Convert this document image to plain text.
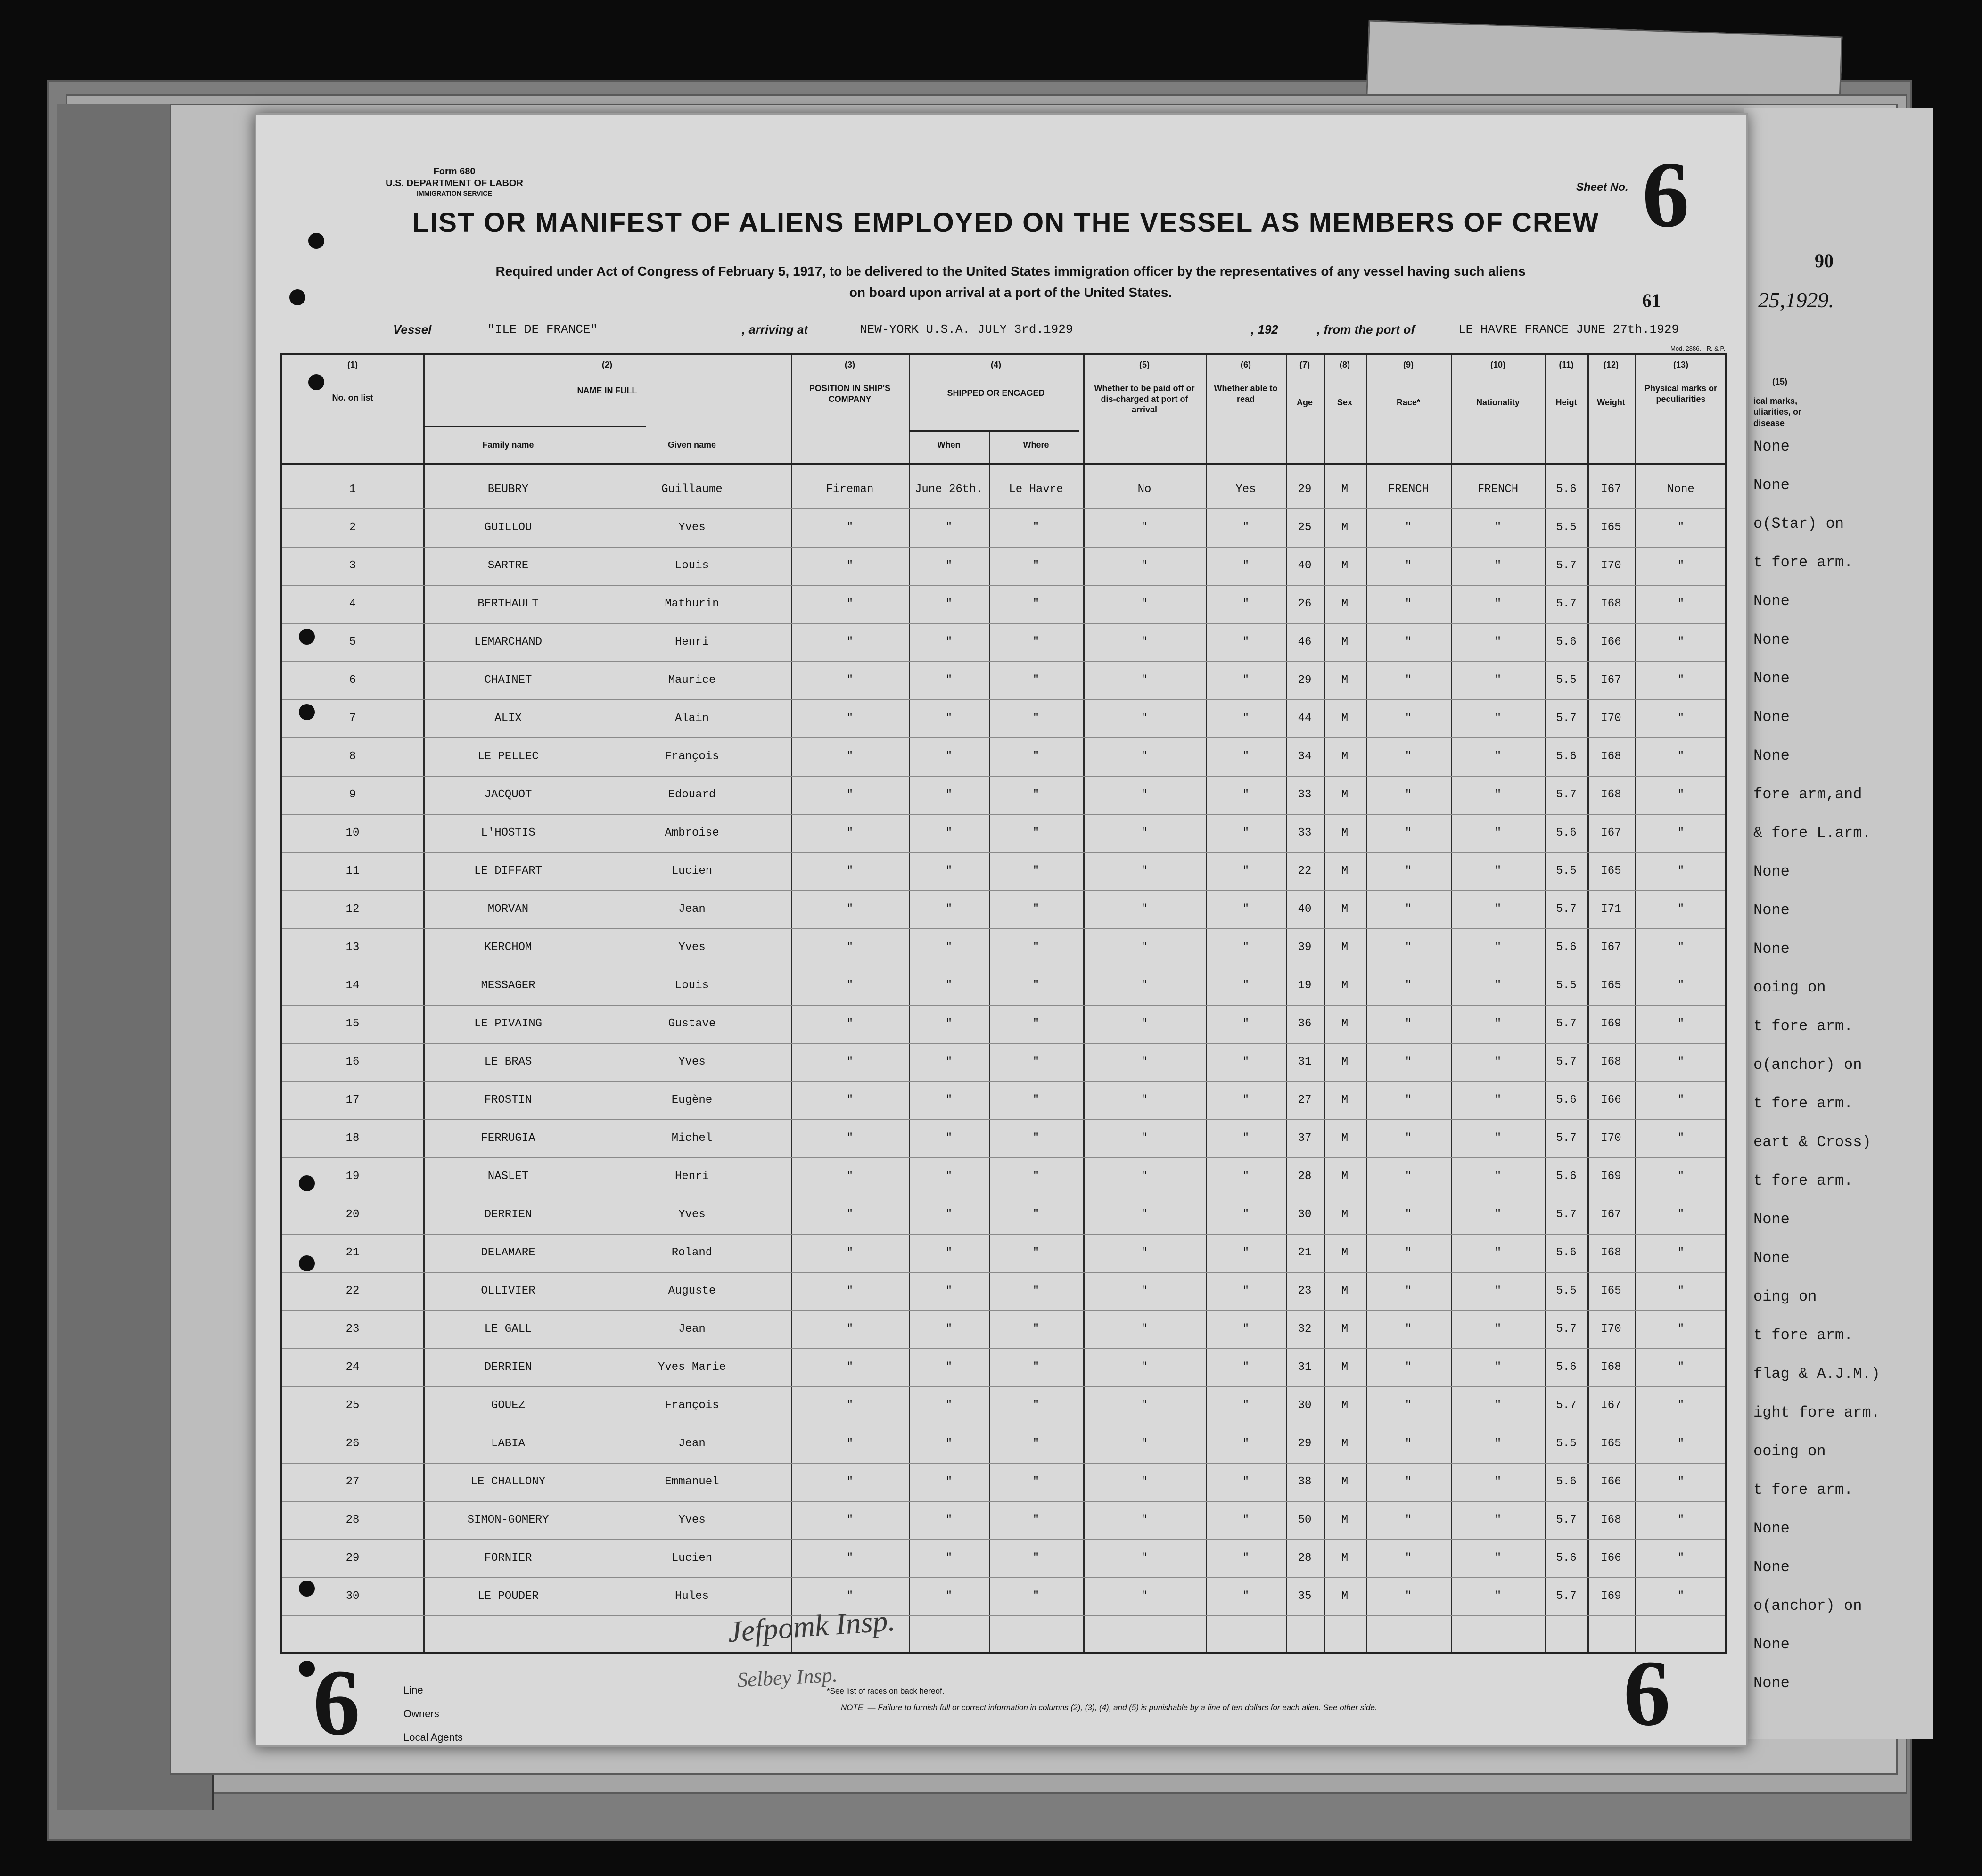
90
25,1929.
(15)
ical marks, uliarities, or disease
None
None
o(Star) on
t fore arm.
None
None
None
None
None
fore arm,and
& fore L.arm.
None
None
None
ooing on
t fore arm.
o(anchor) on
t fore arm.
eart & Cross)
t fore arm.
None
None
oing on
t fore arm.
flag & A.J.M.)
ight fore arm.
ooing on
t fore arm.
None
None
o(anchor) on
None
None
Form 680
U.S. DEPARTMENT OF LABOR
IMMIGRATION SERVICE	Sheet No. 6
LIST OR MANIFEST OF ALIENS EMPLOYED ON THE VESSEL AS MEMBERS OF CREW
Required under Act of Congress of February 5, 1917, to be delivered to the United States immigration officer by the representatives of any vessel having such aliens
on board upon arrival at a port of the United States.	61
Vessel	"ILE DE FRANCE"	, arriving at	NEW-YORK U.S.A. JULY 3rd.1929	, 192	, from the port of	LE HAVRE FRANCE JUNE 27th.1929
Mod. 2886. - R. & P.
(1)
No. on list
(2)
NAME IN FULL
Family name	Given name
(3)
POSITION IN SHIP'S COMPANY
(4)
SHIPPED OR ENGAGED
When	Where
(5)
Whether to be paid off or dis-charged at port of arrival
(6)
Whether able to read
(7)
Age
(8)
Sex
(9)
Race*
(10)
Nationality
(11)
Heigt
(12)
Weight
(13)
Physical marks or peculiarities
1	BEUBRY	Guillaume	Fireman	June 26th.	Le Havre	No	Yes	29	M	FRENCH	FRENCH	5.6	I67	None
2	GUILLOU	Yves	"	"	"	"	"	25	M	"	"	5.5	I65	"
3	SARTRE	Louis	"	"	"	"	"	40	M	"	"	5.7	I70	"
4	BERTHAULT	Mathurin	"	"	"	"	"	26	M	"	"	5.7	I68	"
5	LEMARCHAND	Henri	"	"	"	"	"	46	M	"	"	5.6	I66	"
6	CHAINET	Maurice	"	"	"	"	"	29	M	"	"	5.5	I67	"
7	ALIX	Alain	"	"	"	"	"	44	M	"	"	5.7	I70	"
8	LE PELLEC	François	"	"	"	"	"	34	M	"	"	5.6	I68	"
9	JACQUOT	Edouard	"	"	"	"	"	33	M	"	"	5.7	I68	"
10	L'HOSTIS	Ambroise	"	"	"	"	"	33	M	"	"	5.6	I67	"
11	LE DIFFART	Lucien	"	"	"	"	"	22	M	"	"	5.5	I65	"
12	MORVAN	Jean	"	"	"	"	"	40	M	"	"	5.7	I71	"
13	KERCHOM	Yves	"	"	"	"	"	39	M	"	"	5.6	I67	"
14	MESSAGER	Louis	"	"	"	"	"	19	M	"	"	5.5	I65	"
15	LE PIVAING	Gustave	"	"	"	"	"	36	M	"	"	5.7	I69	"
16	LE BRAS	Yves	"	"	"	"	"	31	M	"	"	5.7	I68	"
17	FROSTIN	Eugène	"	"	"	"	"	27	M	"	"	5.6	I66	"
18	FERRUGIA	Michel	"	"	"	"	"	37	M	"	"	5.7	I70	"
19	NASLET	Henri	"	"	"	"	"	28	M	"	"	5.6	I69	"
20	DERRIEN	Yves	"	"	"	"	"	30	M	"	"	5.7	I67	"
21	DELAMARE	Roland	"	"	"	"	"	21	M	"	"	5.6	I68	"
22	OLLIVIER	Auguste	"	"	"	"	"	23	M	"	"	5.5	I65	"
23	LE GALL	Jean	"	"	"	"	"	32	M	"	"	5.7	I70	"
24	DERRIEN	Yves Marie	"	"	"	"	"	31	M	"	"	5.6	I68	"
25	GOUEZ	François	"	"	"	"	"	30	M	"	"	5.7	I67	"
26	LABIA	Jean	"	"	"	"	"	29	M	"	"	5.5	I65	"
27	LE CHALLONY	Emmanuel	"	"	"	"	"	38	M	"	"	5.6	I66	"
28	SIMON-GOMERY	Yves	"	"	"	"	"	50	M	"	"	5.7	I68	"
29	FORNIER	Lucien	"	"	"	"	"	28	M	"	"	5.6	I66	"
30	LE POUDER	Hules	"	"	"	"	"	35	M	"	"	5.7	I69	"
Jefpomk Insp.
Selbey Insp.
6	6
Line
Owners
Local Agents
*See list of races on back hereof.
NOTE. — Failure to furnish full or correct information in columns (2), (3), (4), and (5) is punishable by a fine of ten dollars for each alien. See other side.
